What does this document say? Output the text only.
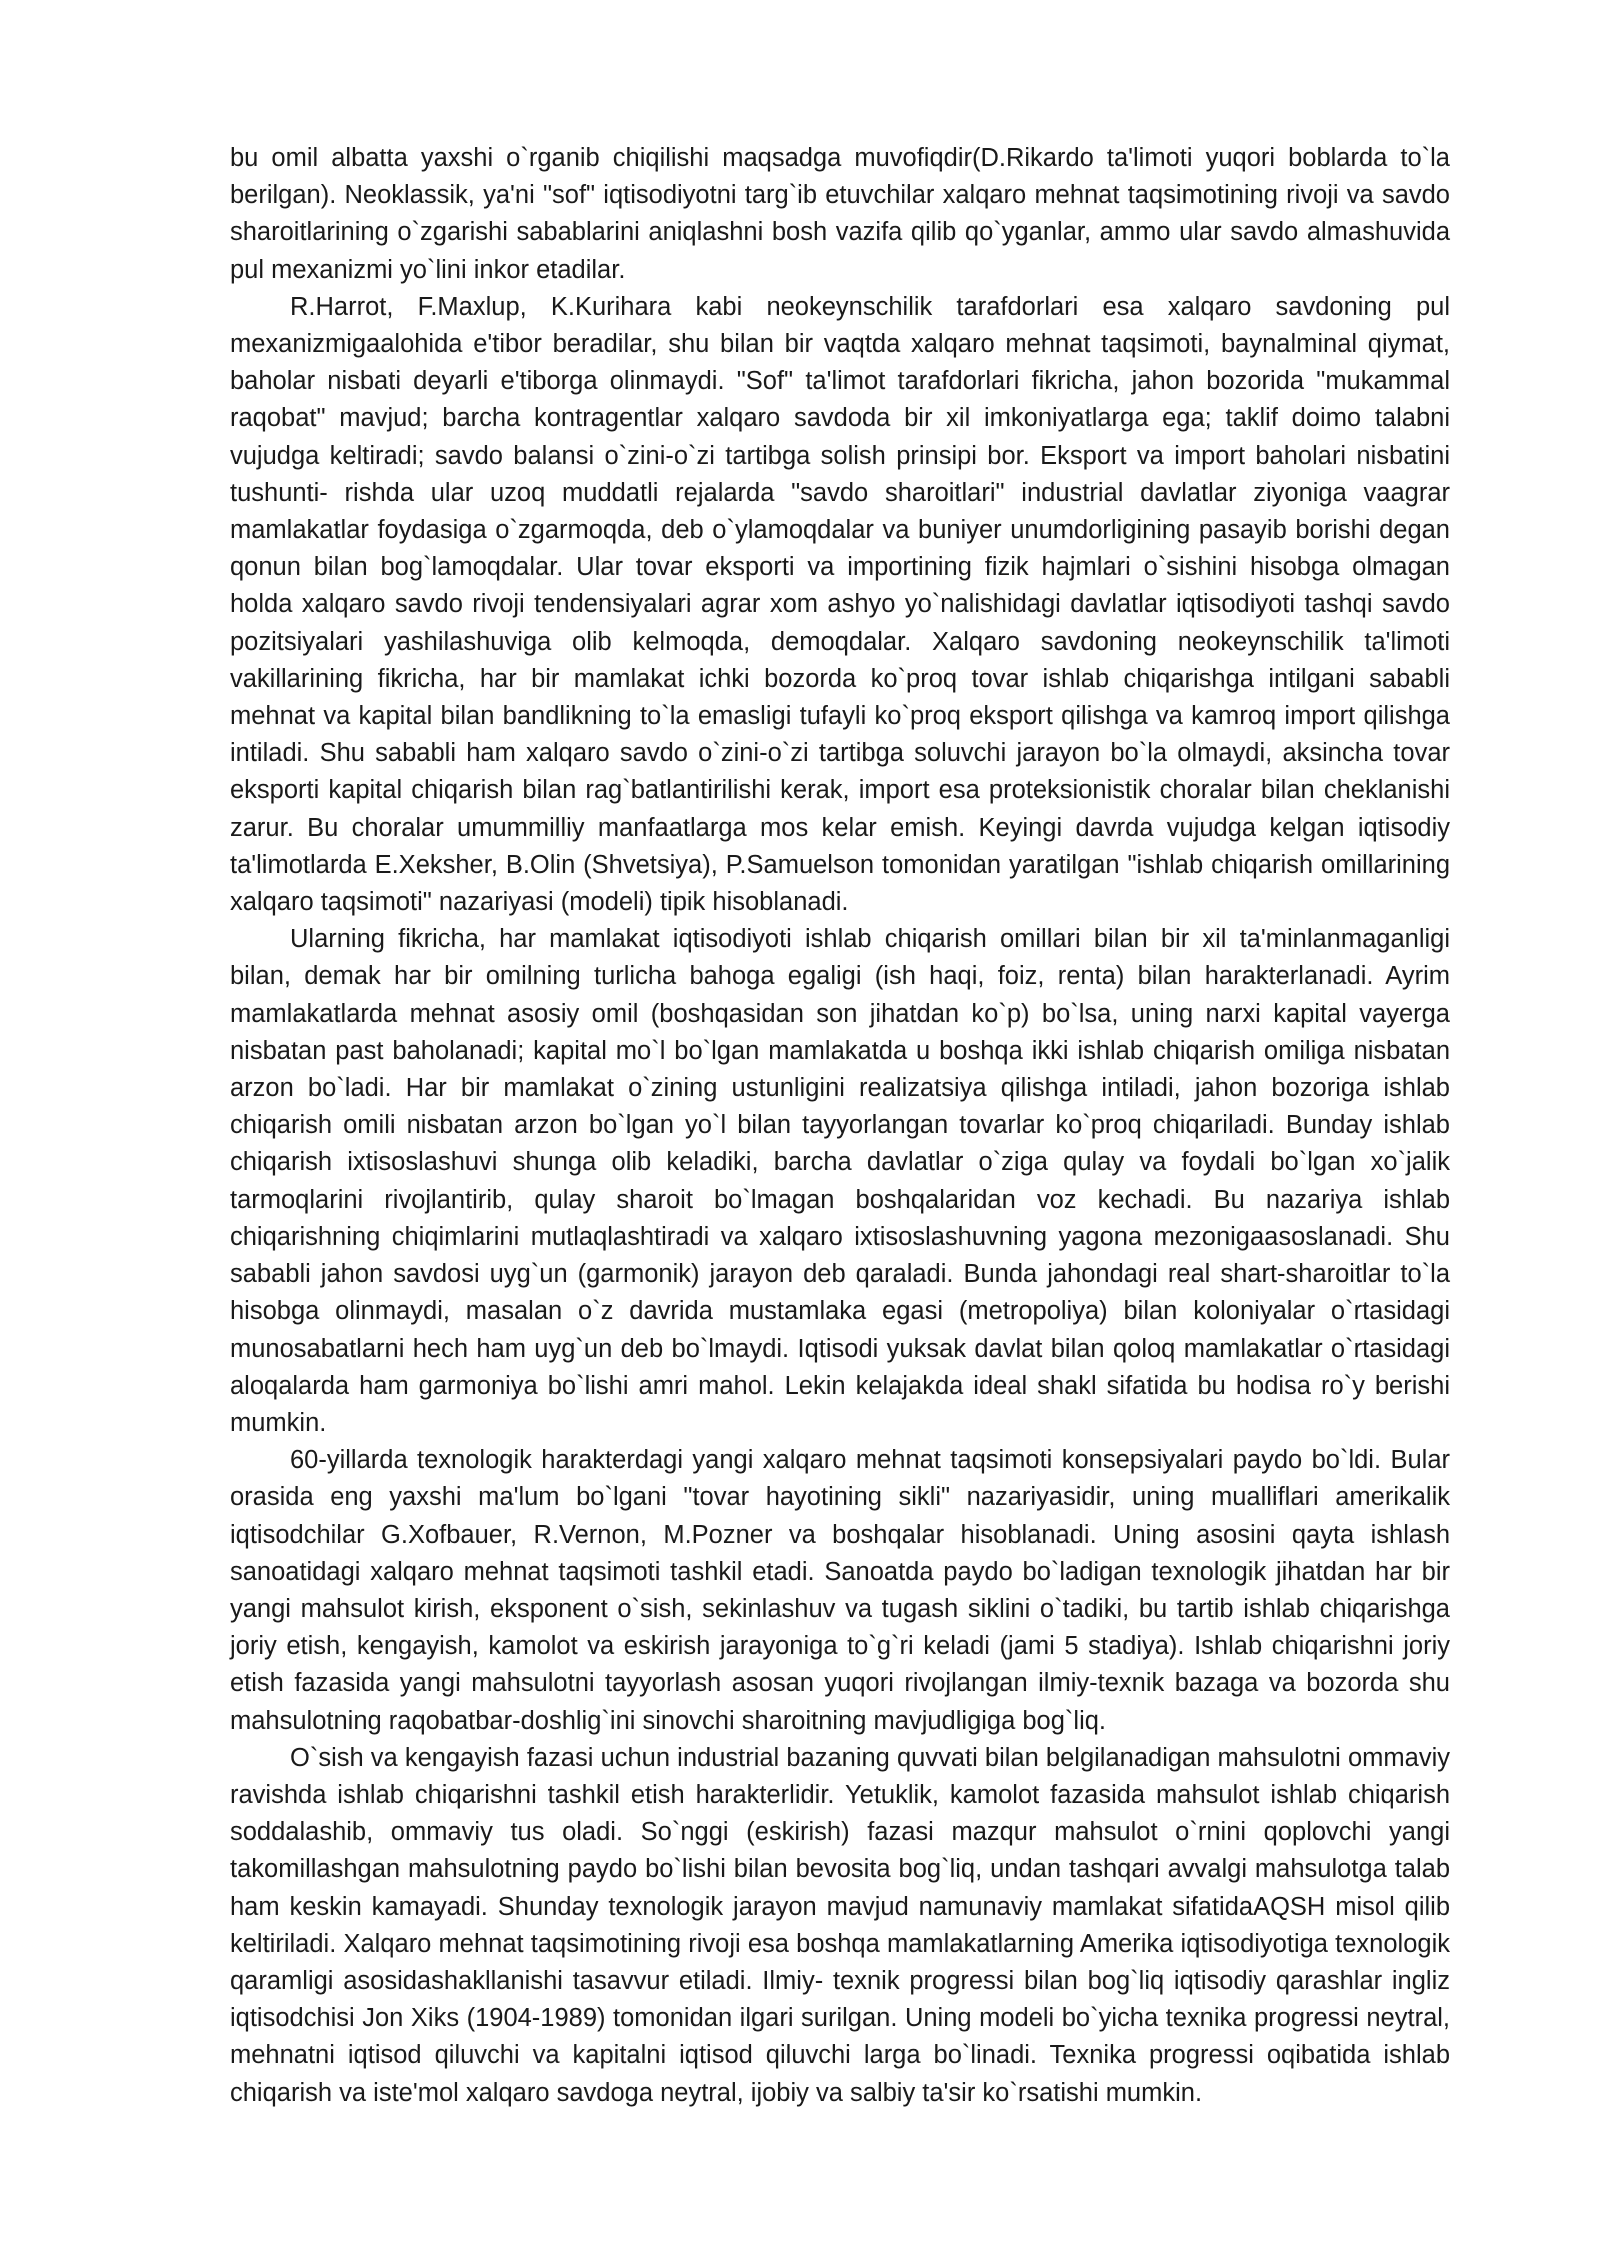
bu omil albatta yaxshi o`rganib chiqilishi maqsadga muvofiqdir(D.Rikardo ta'limoti yuqori boblarda to`la berilgan). Neoklassik, ya'ni "sof" iqtisodiyotni targ`ib etuvchilar xalqaro mehnat taqsimotining rivoji va savdo sharoitlarining o`zgarishi sabablarini aniqlashni bosh vazifa qilib qo`yganlar, ammo ular savdo almashuvida pul mexanizmi yo`lini inkor etadilar.

R.Harrot, F.Maxlup, K.Kurihara kabi neokeynschilik tarafdorlari esa xalqaro savdoning pul mexanizmigaalohida e'tibor beradilar, shu bilan bir vaqtda xalqaro mehnat taqsimoti, baynalminal qiymat, baholar nisbati deyarli e'tiborga olinmaydi. "Sof" ta'limot tarafdorlari fikricha, jahon bozorida "mukammal raqobat" mavjud; barcha kontragentlar xalqaro savdoda bir xil imkoniyatlarga ega; taklif doimo talabni vujudga keltiradi; savdo balansi o`zini-o`zi tartibga solish prinsipi bor. Eksport va import baholari nisbatini tushunti- rishda ular uzoq muddatli rejalarda "savdo sharoitlari" industrial davlatlar ziyoniga vaagrar mamlakatlar foydasiga o`zgarmoqda, deb o`ylamoqdalar va buniyer unumdorligining pasayib borishi degan qonun bilan bog`lamoqdalar. Ular tovar eksporti va importining fizik hajmlari o`sishini hisobga olmagan holda xalqaro savdo rivoji tendensiyalari agrar xom ashyo yo`nalishidagi davlatlar iqtisodiyoti tashqi savdo pozitsiyalari yashilashuviga olib kelmoqda, demoqdalar. Xalqaro savdoning neokeynschilik ta'limoti vakillarining fikricha, har bir mamlakat ichki bozorda ko`proq tovar ishlab chiqarishga intilgani sababli mehnat va kapital bilan bandlikning to`la emasligi tufayli ko`proq eksport qilishga va kamroq import qilishga intiladi. Shu sababli ham xalqaro savdo o`zini-o`zi tartibga soluvchi jarayon bo`la olmaydi, aksincha tovar eksporti kapital chiqarish bilan rag`batlantirilishi kerak, import esa proteksionistik choralar bilan cheklanishi zarur. Bu choralar umummilliy manfaatlarga mos kelar emish. Keyingi davrda vujudga kelgan iqtisodiy ta'limotlarda E.Xeksher, B.Olin (Shvetsiya), P.Samuelson tomonidan yaratilgan "ishlab chiqarish omillarining xalqaro taqsimoti" nazariyasi (modeli) tipik hisoblanadi.

Ularning fikricha, har mamlakat iqtisodiyoti ishlab chiqarish omillari bilan bir xil ta'minlanmaganligi bilan, demak har bir omilning turlicha bahoga egaligi (ish haqi, foiz, renta) bilan harakterlanadi. Ayrim mamlakatlarda mehnat asosiy omil (boshqasidan son jihatdan ko`p) bo`lsa, uning narxi kapital vayerga nisbatan past baholanadi; kapital mo`l bo`lgan mamlakatda u boshqa ikki ishlab chiqarish omiliga nisbatan arzon bo`ladi. Har bir mamlakat o`zining ustunligini realizatsiya qilishga intiladi, jahon bozoriga ishlab chiqarish omili nisbatan arzon bo`lgan yo`l bilan tayyorlangan tovarlar ko`proq chiqariladi. Bunday ishlab chiqarish ixtisoslashuvi shunga olib keladiki, barcha davlatlar o`ziga qulay va foydali bo`lgan xo`jalik tarmoqlarini rivojlantirib, qulay sharoit bo`lmagan boshqalaridan voz kechadi. Bu nazariya ishlab chiqarishning chiqimlarini mutlaqlashtiradi va xalqaro ixtisoslashuvning yagona mezonigaasoslanadi. Shu sababli jahon savdosi uyg`un (garmonik) jarayon deb qaraladi. Bunda jahondagi real shart-sharoitlar to`la hisobga olinmaydi, masalan o`z davrida mustamlaka egasi (metropoliya) bilan koloniyalar o`rtasidagi munosabatlarni hech ham uyg`un deb bo`lmaydi. Iqtisodi yuksak davlat bilan qoloq mamlakatlar o`rtasidagi aloqalarda ham garmoniya bo`lishi amri mahol. Lekin kelajakda ideal shakl sifatida bu hodisa ro`y berishi mumkin.

60-yillarda texnologik harakterdagi yangi xalqaro mehnat taqsimoti konsepsiyalari paydo bo`ldi. Bular orasida eng yaxshi ma'lum bo`lgani "tovar hayotining sikli" nazariyasidir, uning mualliflari amerikalik iqtisodchilar G.Xofbauer, R.Vernon, M.Pozner va boshqalar hisoblanadi. Uning asosini qayta ishlash sanoatidagi xalqaro mehnat taqsimoti tashkil etadi. Sanoatda paydo bo`ladigan texnologik jihatdan har bir yangi mahsulot kirish, eksponent o`sish, sekinlashuv va tugash siklini o`tadiki, bu tartib ishlab chiqarishga joriy etish, kengayish, kamolot va eskirish jarayoniga to`g`ri keladi (jami 5 stadiya). Ishlab chiqarishni joriy etish fazasida yangi mahsulotni tayyorlash asosan yuqori rivojlangan ilmiy-texnik bazaga va bozorda shu mahsulotning raqobatbar-doshlig`ini sinovchi sharoitning mavjudligiga bog`liq.

O`sish va kengayish fazasi uchun industrial bazaning quvvati bilan belgilanadigan mahsulotni ommaviy ravishda ishlab chiqarishni tashkil etish harakterlidir. Yetuklik, kamolot fazasida mahsulot ishlab chiqarish soddalashib, ommaviy tus oladi. So`nggi (eskirish) fazasi mazqur mahsulot o`rnini qoplovchi yangi takomillashgan mahsulotning paydo bo`lishi bilan bevosita bog`liq, undan tashqari avvalgi mahsulotga talab ham keskin kamayadi. Shunday texnologik jarayon mavjud namunaviy mamlakat sifatidaAQSH misol qilib keltiriladi. Xalqaro mehnat taqsimotining rivoji esa boshqa mamlakatlarning Amerika iqtisodiyotiga texnologik qaramligi asosidashakllanishi tasavvur etiladi. Ilmiy- texnik progressi bilan bog`liq iqtisodiy qarashlar ingliz iqtisodchisi Jon Xiks (1904-1989) tomonidan ilgari surilgan. Uning modeli bo`yicha texnika progressi neytral, mehnatni iqtisod qiluvchi va kapitalni iqtisod qiluvchi larga bo`linadi. Texnika progressi oqibatida ishlab chiqarish va iste'mol xalqaro savdoga neytral, ijobiy va salbiy ta'sir ko`rsatishi mumkin.
